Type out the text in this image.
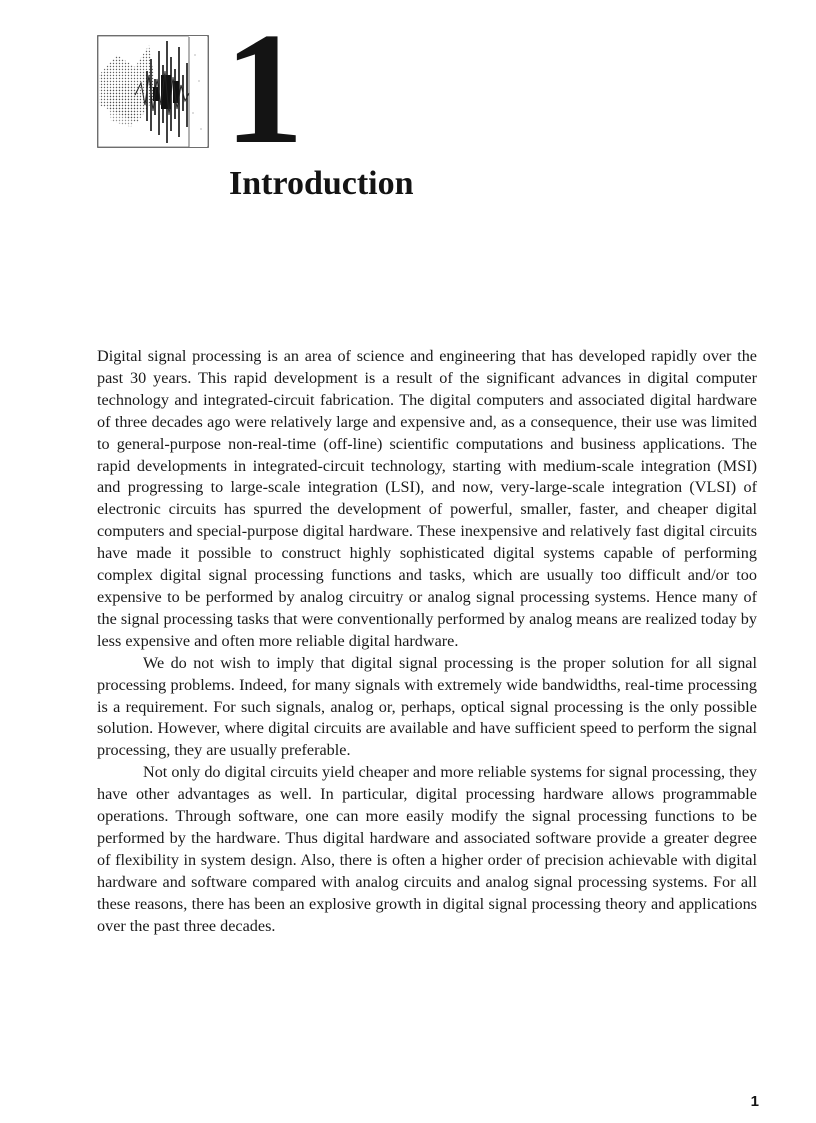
1
Introduction

Digital signal processing is an area of science and engineering that has developed rapidly over the past 30 years. This rapid development is a result of the significant advances in digital computer technology and integrated-circuit fabrication. The digital computers and associated digital hardware of three decades ago were relatively large and expensive and, as a consequence, their use was limited to general-purpose non-real-time (off-line) scientific computations and business applications. The rapid developments in integrated-circuit technology, starting with medium-scale integration (MSI) and progressing to large-scale integration (LSI), and now, very-large-scale integration (VLSI) of electronic circuits has spurred the development of powerful, smaller, faster, and cheaper digital computers and special-purpose digital hardware. These inexpensive and relatively fast digital circuits have made it possible to construct highly sophisticated digital systems capable of performing complex digital signal processing functions and tasks, which are usually too difficult and/or too expensive to be performed by analog circuitry or analog signal processing systems. Hence many of the signal processing tasks that were conventionally performed by analog means are realized today by less expensive and often more reliable digital hardware.

We do not wish to imply that digital signal processing is the proper solution for all signal processing problems. Indeed, for many signals with extremely wide bandwidths, real-time processing is a requirement. For such signals, analog or, perhaps, optical signal processing is the only possible solution. However, where digital circuits are available and have sufficient speed to perform the signal processing, they are usually preferable.

Not only do digital circuits yield cheaper and more reliable systems for signal processing, they have other advantages as well. In particular, digital processing hardware allows programmable operations. Through software, one can more easily modify the signal processing functions to be performed by the hardware. Thus digital hardware and associated software provide a greater degree of flexibility in system design. Also, there is often a higher order of precision achievable with digital hardware and software compared with analog circuits and analog signal processing systems. For all these reasons, there has been an explosive growth in digital signal processing theory and applications over the past three decades.

1
